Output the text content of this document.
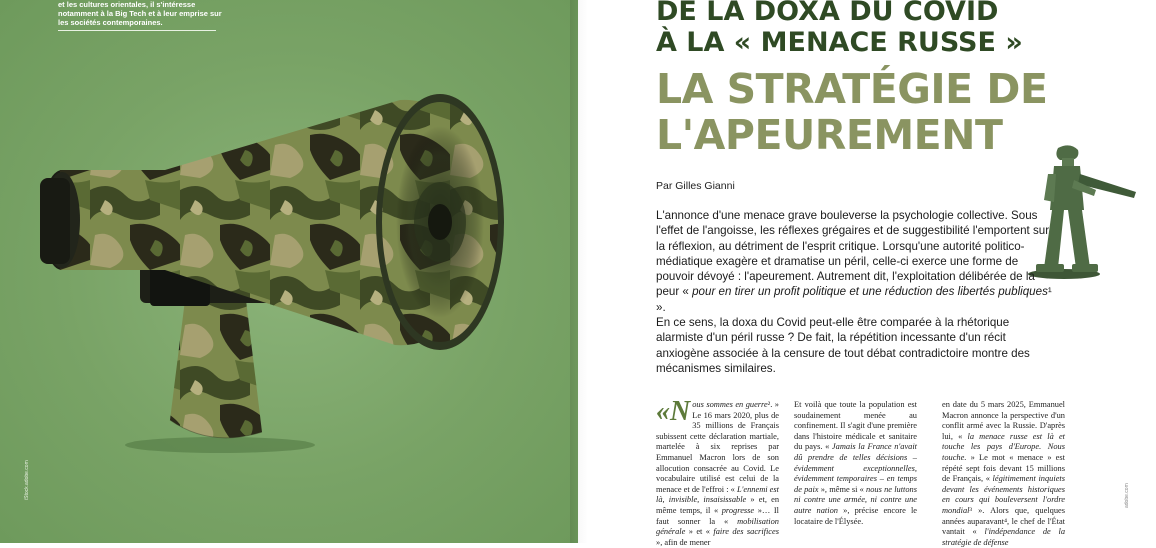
et les cultures orientales, il s'intéresse notamment à la Big Tech et à leur emprise sur les sociétés contemporaines.

iStock.adobe.com
DE LA DOXA DU COVID
À LA « MENACE RUSSE »
LA STRATÉGIE DE
L'APEUREMENT

Par Gilles Gianni

L'annonce d'une menace grave bouleverse la psychologie collective. Sous l'effet de l'angoisse, les réflexes grégaires et de suggestibilité l'emportent sur la réflexion, au détriment de l'esprit critique. Lorsqu'une autorité politico-médiatique exagère et dramatise un péril, celle-ci exerce une forme de pouvoir dévoyé : l'apeurement. Autrement dit, l'exploitation délibérée de la peur « pour en tirer un profit politique et une réduction des libertés publiques¹ ».

En ce sens, la doxa du Covid peut-elle être comparée à la rhétorique alarmiste d'un péril russe ? De fait, la répétition incessante d'un récit anxiogène associée à la censure de tout débat contradictoire montre des mécanismes similaires.

«Nous sommes en guerre². » Le 16 mars 2020, plus de 35 millions de Français subissent cette déclaration martiale, martelée à six reprises par Emmanuel Macron lors de son allocution consacrée au Covid. Le vocabulaire utilisé est celui de la menace et de l'effroi : « L'ennemi est là, invisible, insaisissable » et, en même temps, il « progresse »… Il faut sonner la « mobilisation générale » et « faire des sacrifices », afin de mener

Et voilà que toute la population est soudainement menée au confinement. Il s'agit d'une première dans l'histoire médicale et sanitaire du pays. « Jamais la France n'avait dû prendre de telles décisions – évidemment exceptionnelles, évidemment temporaires – en temps de paix », même si « nous ne luttons ni contre une armée, ni contre une autre nation », précise encore le locataire de l'Élysée.

en date du 5 mars 2025, Emmanuel Macron annonce la perspective d'un conflit armé avec la Russie. D'après lui, « la menace russe est là et touche les pays d'Europe. Nous touche. » Le mot « menace » est répété sept fois devant 15 millions de Français, « légitimement inquiets devant les événements historiques en cours qui bouleversent l'ordre mondial³ ». Alors que, quelques années auparavant⁴, le chef de l'État vantait « l'indépendance de la stratégie de défense

adobe.com
